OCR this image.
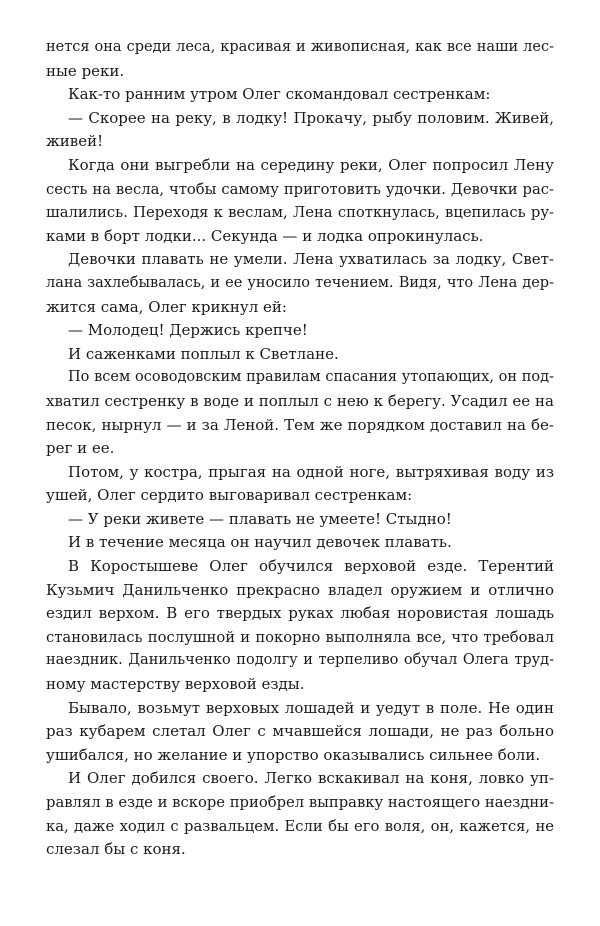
нется она среди леса, красивая и живописная, как все наши лес-
ные реки.

Как-то ранним утром Олег скомандовал сестренкам:

— Скорее на реку, в лодку! Прокачу, рыбу половим. Живей,
живей!

Когда они выгребли на середину реки, Олег попросил Лену
сесть на весла, чтобы самому приготовить удочки. Девочки рас-
шалились. Переходя к веслам, Лена споткнулась, вцепилась ру-
ками в борт лодки... Секунда — и лодка опрокинулась.

Девочки плавать не умели. Лена ухватилась за лодку, Свет-
лана захлебывалась, и ее уносило течением. Видя, что Лена дер-
жится сама, Олег крикнул ей:

— Молодец! Держись крепче!

И саженками поплыл к Светлане.

По всем осоводовским правилам спасания утопающих, он под-
хватил сестренку в воде и поплыл с нею к берегу. Усадил ее на
песок, нырнул — и за Леной. Тем же порядком доставил на бе-
рег и ее.

Потом, у костра, прыгая на одной ноге, вытряхивая воду из
ушей, Олег сердито выговаривал сестренкам:

— У реки живете — плавать не умеете! Стыдно!

И в течение месяца он научил девочек плавать.

В Коростышеве Олег обучился верховой езде. Терентий
Кузьмич Данильченко прекрасно владел оружием и отлично
ездил верхом. В его твердых руках любая норовистая лошадь
становилась послушной и покорно выполняла все, что требовал
наездник. Данильченко подолгу и терпеливо обучал Олега труд-
ному мастерству верховой езды.

Бывало, возьмут верховых лошадей и уедут в поле. Не один
раз кубарем слетал Олег с мчавшейся лошади, не раз больно
ушибался, но желание и упорство оказывались сильнее боли.

И Олег добился своего. Легко вскакивал на коня, ловко уп-
равлял в езде и вскоре приобрел выправку настоящего наездни-
ка, даже ходил с развальцем. Если бы его воля, он, кажется, не
слезал бы с коня.
